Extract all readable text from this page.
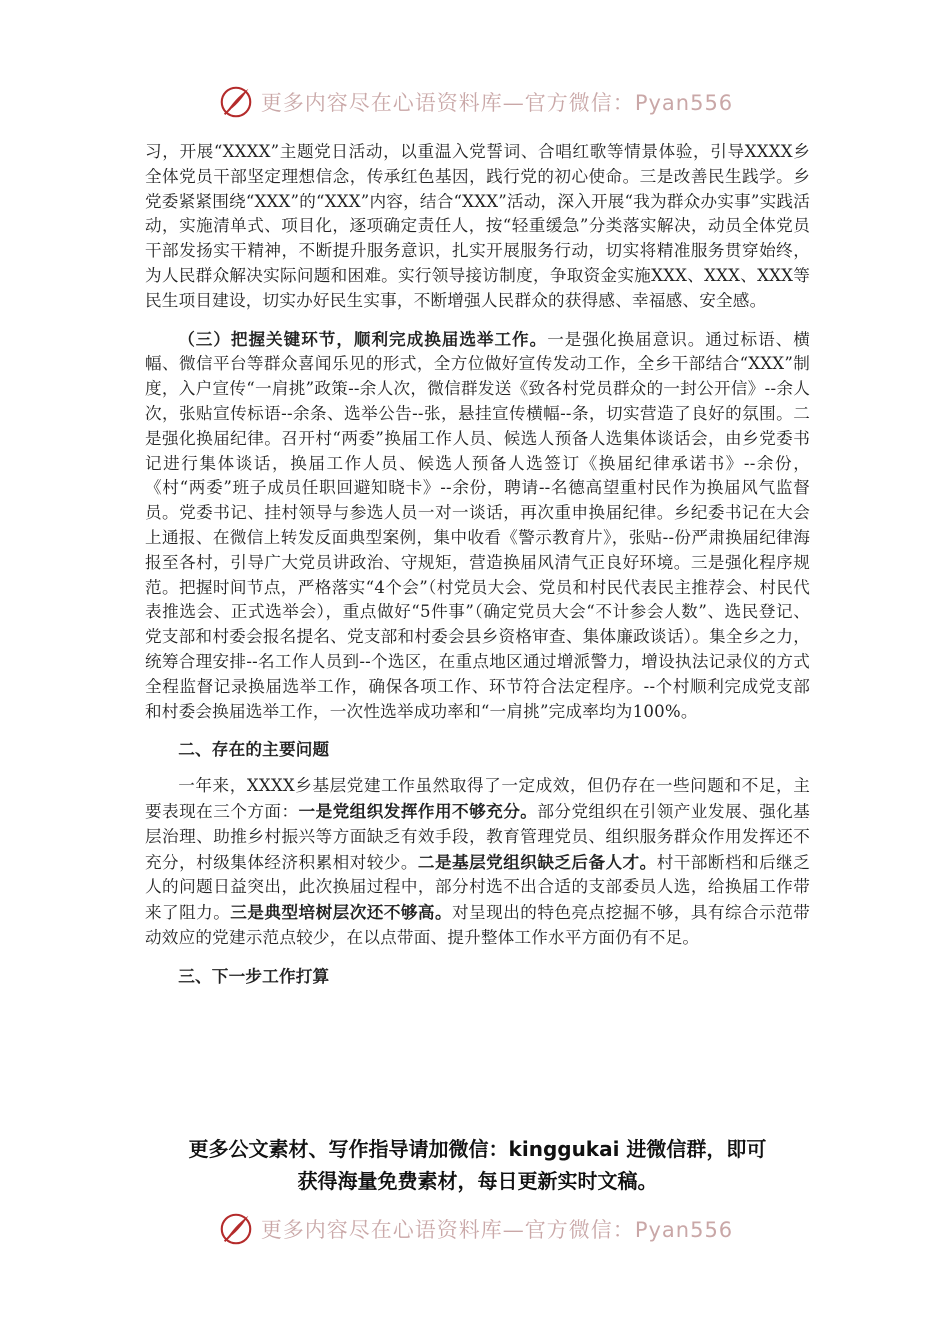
更多内容尽在心语资料库—官方微信：Pyan556

习，开展“XXXX”主题党日活动，以重温入党誓词、合唱红歌等情景体验，引导XXXX乡全体党员干部坚定理想信念，传承红色基因，践行党的初心使命。三是改善民生践学。乡党委紧紧围绕“XXX”的“XXX”内容，结合“XXX”活动，深入开展“我为群众办实事”实践活动，实施清单式、项目化，逐项确定责任人，按“轻重缓急”分类落实解决，动员全体党员干部发扬实干精神，不断提升服务意识，扎实开展服务行动，切实将精准服务贯穿始终，为人民群众解决实际问题和困难。实行领导接访制度，争取资金实施XXX、XXX、XXX等民生项目建设，切实办好民生实事，不断增强人民群众的获得感、幸福感、安全感。

（三）把握关键环节，顺利完成换届选举工作。一是强化换届意识。通过标语、横幅、微信平台等群众喜闻乐见的形式，全方位做好宣传发动工作，全乡干部结合“XXX”制度，入户宣传“一肩挑”政策--余人次，微信群发送《致各村党员群众的一封公开信》--余人次，张贴宣传标语--余条、选举公告--张，悬挂宣传横幅--条，切实营造了良好的氛围。二是强化换届纪律。召开村“两委”换届工作人员、候选人预备人选集体谈话会，由乡党委书记进行集体谈话，换届工作人员、候选人预备人选签订《换届纪律承诺书》--余份，《村“两委”班子成员任职回避知晓卡》--余份，聘请--名德高望重村民作为换届风气监督员。党委书记、挂村领导与参选人员一对一谈话，再次重申换届纪律。乡纪委书记在大会上通报、在微信上转发反面典型案例，集中收看《警示教育片》，张贴--份严肃换届纪律海报至各村，引导广大党员讲政治、守规矩，营造换届风清气正良好环境。三是强化程序规范。把握时间节点，严格落实“4个会”（村党员大会、党员和村民代表民主推荐会、村民代表推选会、正式选举会），重点做好“5件事”（确定党员大会“不计参会人数”、选民登记、党支部和村委会报名提名、党支部和村委会县乡资格审查、集体廉政谈话）。集全乡之力，统筹合理安排--名工作人员到--个选区，在重点地区通过增派警力，增设执法记录仪的方式全程监督记录换届选举工作，确保各项工作、环节符合法定程序。--个村顺利完成党支部和村委会换届选举工作，一次性选举成功率和“一肩挑”完成率均为100%。

二、存在的主要问题

一年来，XXXX乡基层党建工作虽然取得了一定成效，但仍存在一些问题和不足，主要表现在三个方面：一是党组织发挥作用不够充分。部分党组织在引领产业发展、强化基层治理、助推乡村振兴等方面缺乏有效手段，教育管理党员、组织服务群众作用发挥还不充分，村级集体经济积累相对较少。二是基层党组织缺乏后备人才。村干部断档和后继乏人的问题日益突出，此次换届过程中，部分村选不出合适的支部委员人选，给换届工作带来了阻力。三是典型培树层次还不够高。对呈现出的特色亮点挖掘不够，具有综合示范带动效应的党建示范点较少，在以点带面、提升整体工作水平方面仍有不足。

三、下一步工作打算

更多公文素材、写作指导请加微信：kinggukai 进微信群，即可
获得海量免费素材，每日更新实时文稿。
更多内容尽在心语资料库—官方微信：Pyan556
